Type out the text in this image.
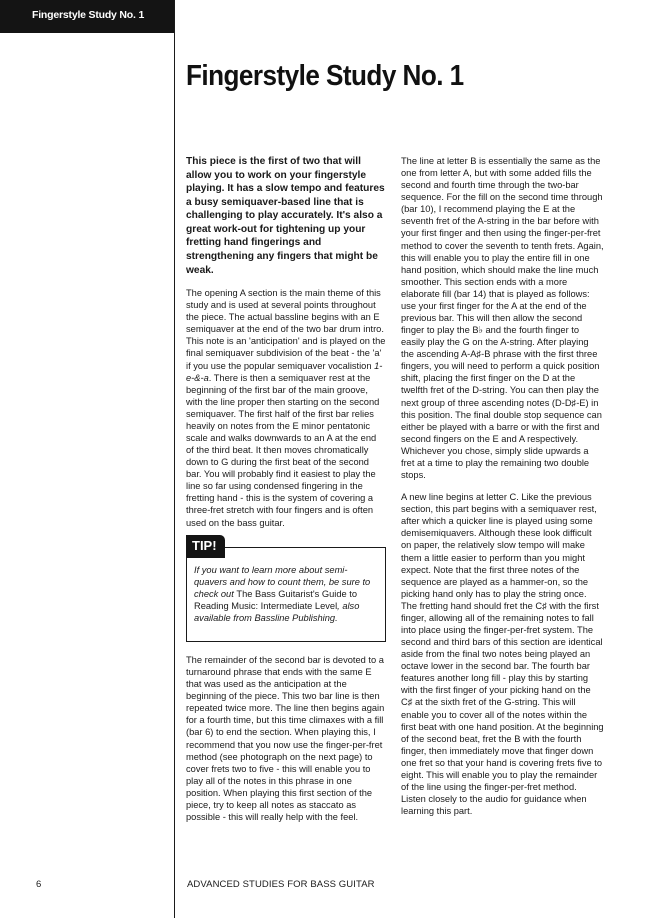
Fingerstyle Study No. 1
Fingerstyle Study No. 1

This piece is the first of two that will allow you to work on your fingerstyle playing. It has a slow tempo and features a busy semiquaver-based line that is challenging to play accurately. It's also a great work-out for tightening up your fretting hand fingerings and strengthening any fingers that might be weak.

The opening A section is the main theme of this study and is used at several points throughout the piece. The actual bassline begins with an E semiquaver at the end of the two bar drum intro. This note is an 'anticipation' and is played on the final semiquaver subdivision of the beat - the 'a' if you use the popular semiquaver vocalistion 1-e-&-a. There is then a semiquaver rest at the beginning of the first bar of the main groove, with the line proper then starting on the second semiquaver. The first half of the first bar relies heavily on notes from the E minor pentatonic scale and walks downwards to an A at the end of the third beat. It then moves chromatically down to G during the first beat of the second bar. You will probably find it easiest to play the line so far using condensed fingering in the fretting hand - this is the system of covering a three-fret stretch with four fingers and is often used on the bass guitar.

TIP!

If you want to learn more about semi-quavers and how to count them, be sure to check out The Bass Guitarist's Guide to Reading Music: Intermediate Level, also available from Bassline Publishing.

The remainder of the second bar is devoted to a turnaround phrase that ends with the same E that was used as the anticipation at the beginning of the piece. This two bar line is then repeated twice more. The line then begins again for a fourth time, but this time climaxes with a fill (bar 6) to end the section. When playing this, I recommend that you now use the finger-per-fret method (see photograph on the next page) to cover frets two to five - this will enable you to play all of the notes in this phrase in one position. When playing this first section of the piece, try to keep all notes as staccato as possible - this will really help with the feel.

The line at letter B is essentially the same as the one from letter A, but with some added fills the second and fourth time through the two-bar sequence. For the fill on the second time through (bar 10), I recommend playing the E at the seventh fret of the A-string in the bar before with your first finger and then using the finger-per-fret method to cover the seventh to tenth frets. Again, this will enable you to play the entire fill in one hand position, which should make the line much smoother. This section ends with a more elaborate fill (bar 14) that is played as follows: use your first finger for the A at the end of the previous bar. This will then allow the second finger to play the B♭ and the fourth finger to easily play the G on the A-string. After playing the ascending A-A♯-B phrase with the first three fingers, you will need to perform a quick position shift, placing the first finger on the D at the twelfth fret of the D-string. You can then play the next group of three ascending notes (D-D♯-E) in this position. The final double stop sequence can either be played with a barre or with the first and second fingers on the E and A respectively. Whichever you chose, simply slide upwards a fret at a time to play the remaining two double stops.

A new line begins at letter C. Like the previous section, this part begins with a semiquaver rest, after which a quicker line is played using some demisemiquavers. Although these look difficult on paper, the relatively slow tempo will make them a little easier to perform than you might expect. Note that the first three notes of the sequence are played as a hammer-on, so the picking hand only has to play the string once. The fretting hand should fret the C♯ with the first finger, allowing all of the remaining notes to fall into place using the finger-per-fret system. The second and third bars of this section are identical aside from the final two notes being played an octave lower in the second bar. The fourth bar features another long fill - play this by starting with the first finger of your picking hand on the C♯ at the sixth fret of the G-string. This will enable you to cover all of the notes within the first beat with one hand position. At the beginning of the second beat, fret the B with the fourth finger, then immediately move that finger down one fret so that your hand is covering frets five to eight. This will enable you to play the remainder of the line using the finger-per-fret method. Listen closely to the audio for guidance when learning this part.

6	ADVANCED STUDIES FOR BASS GUITAR
